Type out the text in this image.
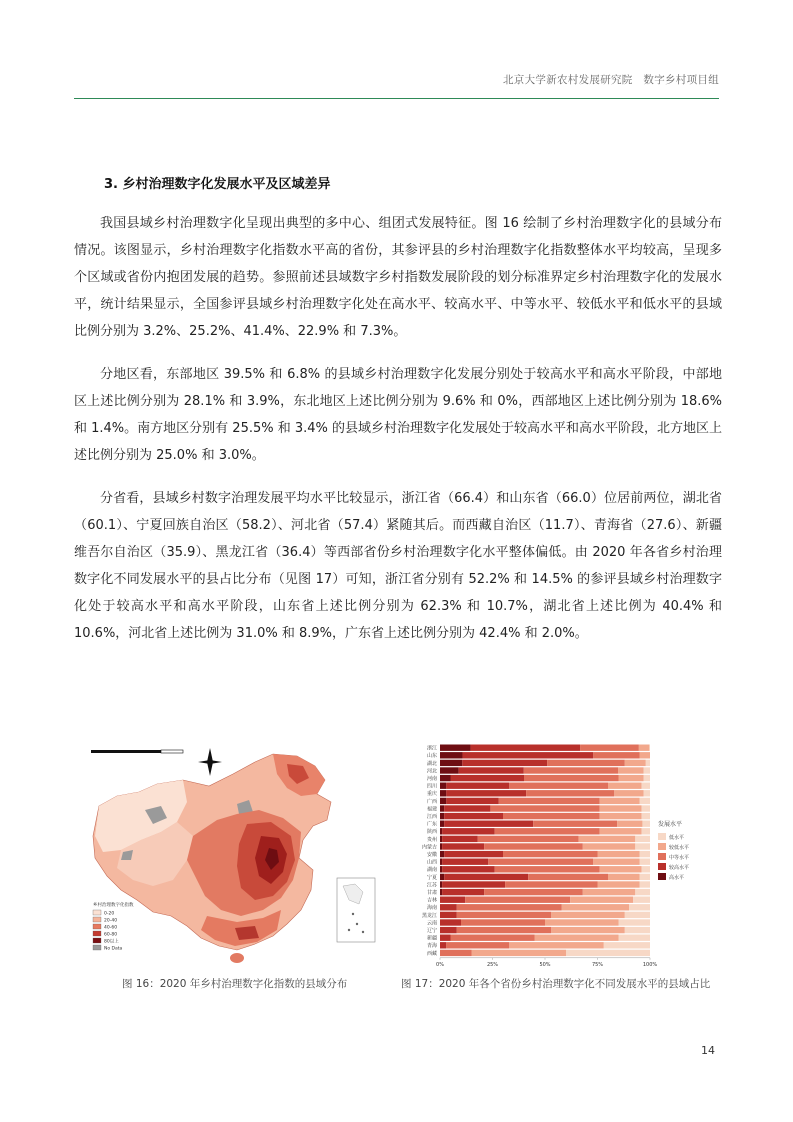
北京大学新农村发展研究院　数字乡村项目组
3. 乡村治理数字化发展水平及区域差异

我国县域乡村治理数字化呈现出典型的多中心、组团式发展特征。图 16 绘制了乡村治理数字化的县域分布情况。该图显示，乡村治理数字化指数水平高的省份，其参评县的乡村治理数字化指数整体水平均较高，呈现多个区域或省份内抱团发展的趋势。参照前述县域数字乡村指数发展阶段的划分标准界定乡村治理数字化的发展水平，统计结果显示，全国参评县域乡村治理数字化处在高水平、较高水平、中等水平、较低水平和低水平的县域比例分别为 3.2%、25.2%、41.4%、22.9% 和 7.3%。

分地区看，东部地区 39.5% 和 6.8% 的县域乡村治理数字化发展分别处于较高水平和高水平阶段，中部地区上述比例分别为 28.1% 和 3.9%，东北地区上述比例分别为 9.6% 和 0%，西部地区上述比例分别为 18.6% 和 1.4%。南方地区分别有 25.5% 和 3.4% 的县域乡村治理数字化发展处于较高水平和高水平阶段，北方地区上述比例分别为 25.0% 和 3.0%。

分省看，县域乡村数字治理发展平均水平比较显示，浙江省（66.4）和山东省（66.0）位居前两位，湖北省（60.1）、宁夏回族自治区（58.2）、河北省（57.4）紧随其后。而西藏自治区（11.7）、青海省（27.6）、新疆维吾尔自治区（35.9）、黑龙江省（36.4）等西部省份乡村治理数字化水平整体偏低。由 2020 年各省乡村治理数字化不同发展水平的县占比分布（见图 17）可知，浙江省分别有 52.2% 和 14.5% 的参评县域乡村治理数字化处于较高水平和高水平阶段，山东省上述比例分别为 62.3% 和 10.7%，湖北省上述比例为 40.4% 和 10.6%，河北省上述比例为 31.0% 和 8.9%，广东省上述比例分别为 42.4% 和 2.0%。

乡村治理数字化指数
0-20
20-40
40-60
60-80
80以上
No Data
浙江
山东
湖北
河北
河南
四川
重庆
广西
福建
江西
广东
陕西
贵州
内蒙古
安徽
山西
湖南
宁夏
江苏
甘肃
吉林
海南
黑龙江
云南
辽宁
新疆
青海
西藏
0%	25%	50%	75%	100%
发展水平
低水平
较低水平
中等水平
较高水平
高水平
图 16：2020 年乡村治理数字化指数的县域分布	图 17：2020 年各个省份乡村治理数字化不同发展水平的县域占比
14
